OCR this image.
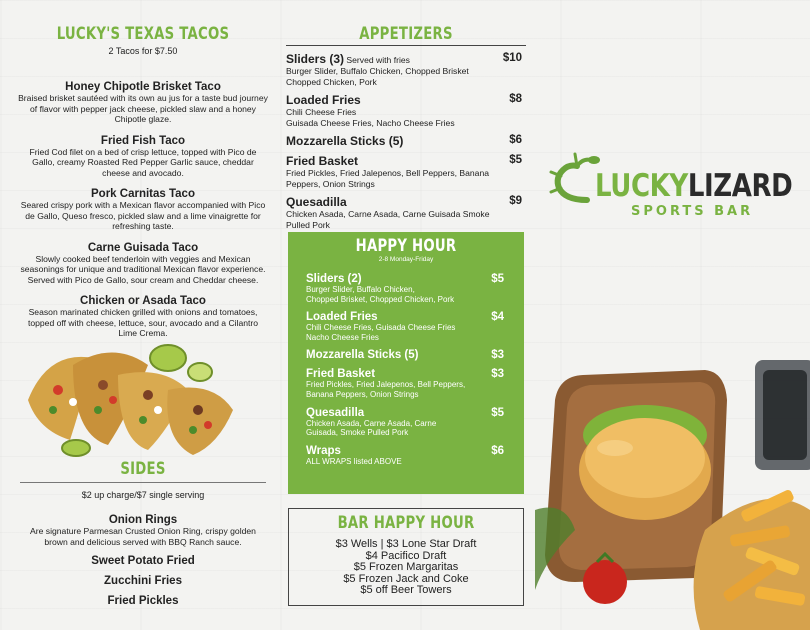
LUCKY'S TEXAS TACOS
2 Tacos for $7.50
Honey Chipotle Brisket Taco
Braised brisket sautéed with its own au jus for a taste bud journey of flavor with pepper jack cheese, pickled slaw and a honey Chipotle glaze.
Fried Fish Taco
Fried Cod filet on a bed of crisp lettuce, topped with Pico de Gallo, creamy Roasted Red Pepper Garlic sauce, cheddar cheese and avocado.
Pork Carnitas Taco
Seared crispy pork with a Mexican flavor accompanied with Pico de Gallo, Queso fresco, pickled slaw and a lime vinaigrette for refreshing taste.
Carne Guisada Taco
Slowly cooked beef tenderloin with veggies and Mexican seasonings for unique and traditional Mexican flavor experience. Served with Pico de Gallo, sour cream and Cheddar cheese.
Chicken or Asada Taco
Season marinated chicken grilled with onions and tomatoes, topped off with cheese, lettuce, sour, avocado and a Cilantro Lime Crema.
SIDES
$2 up charge/$7 single serving
Onion Rings
Are signature Parmesan Crusted Onion Ring, crispy golden brown and delicious served with BBQ Ranch sauce.
Sweet Potato Fried
Zucchini Fries
Fried Pickles
APPETIZERS
Sliders (3) Served with fries	$10
Burger Slider, Buffalo Chicken, Chopped Brisket Chopped Chicken, Pork
Loaded Fries	$8
Chili Cheese Fries
Guisada Cheese Fries, Nacho Cheese Fries
Mozzarella Sticks (5)	$6
Fried Basket	$5
Fried Pickles, Fried Jalepenos, Bell Peppers, Banana Peppers, Onion Strings
Quesadilla	$9
Chicken Asada, Carne Asada, Carne Guisada Smoke Pulled Pork
HAPPY HOUR
2-8 Monday-Friday
Sliders (2)	$5
Burger Slider, Buffalo Chicken,
Chopped Brisket, Chopped Chicken, Pork
Loaded Fries	$4
Chili Cheese Fries, Guisada Cheese Fries
Nacho Cheese Fries
Mozzarella Sticks (5)	$3
Fried Basket	$3
Fried Pickles, Fried Jalepenos, Bell Peppers,
Banana Peppers, Onion Strings
Quesadilla	$5
Chicken Asada, Carne Asada, Carne
Guisada, Smoke Pulled Pork
Wraps	$6
ALL WRAPS listed ABOVE
BAR HAPPY HOUR
$3 Wells | $3 Lone Star Draft
$4 Pacifico Draft
$5 Frozen Margaritas
$5 Frozen Jack and Coke
$5 off Beer Towers
LUCKYLIZARD
SPORTS BAR
